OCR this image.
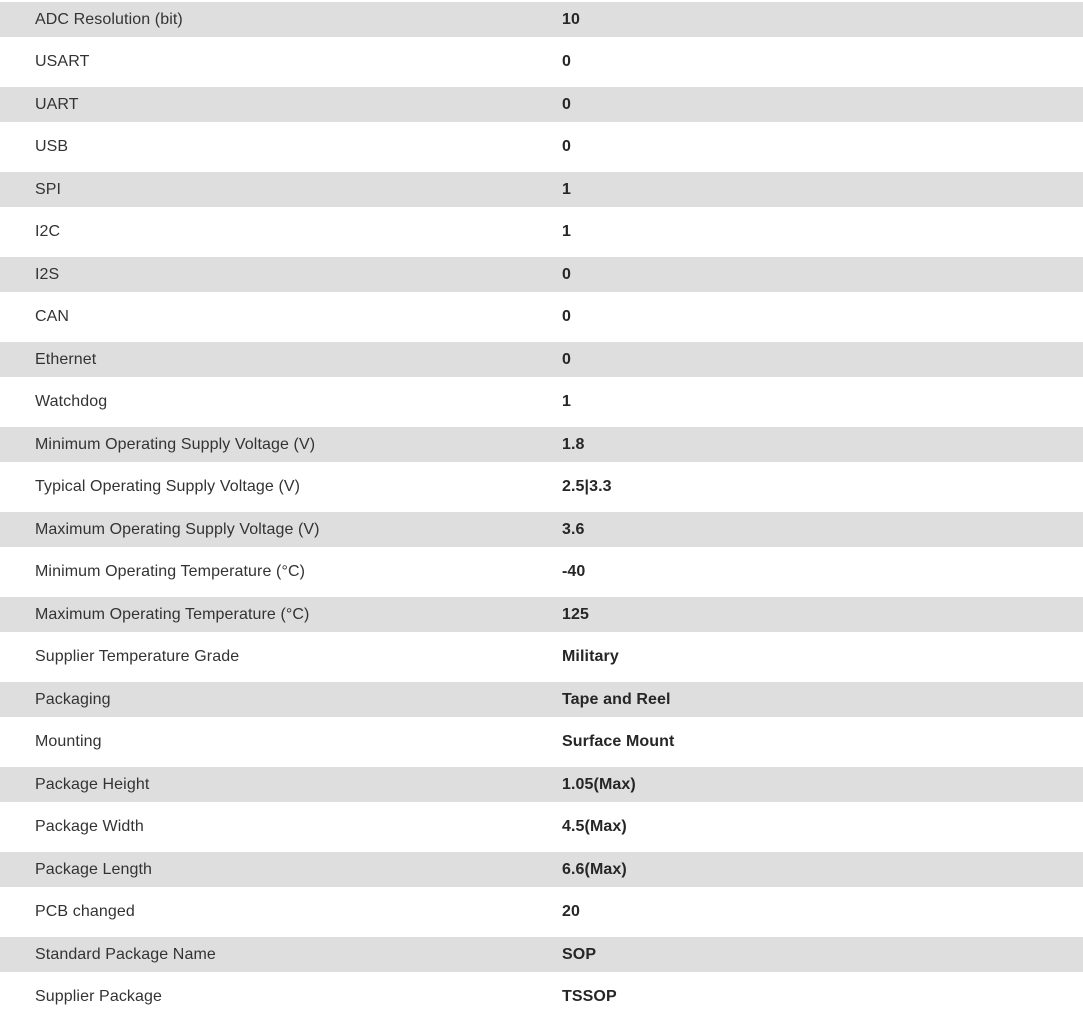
ADC Resolution (bit)	10
USART	0
UART	0
USB	0
SPI	1
I2C	1
I2S	0
CAN	0
Ethernet	0
Watchdog	1
Minimum Operating Supply Voltage (V)	1.8
Typical Operating Supply Voltage (V)	2.5|3.3
Maximum Operating Supply Voltage (V)	3.6
Minimum Operating Temperature (°C)	-40
Maximum Operating Temperature (°C)	125
Supplier Temperature Grade	Military
Packaging	Tape and Reel
Mounting	Surface Mount
Package Height	1.05(Max)
Package Width	4.5(Max)
Package Length	6.6(Max)
PCB changed	20
Standard Package Name	SOP
Supplier Package	TSSOP
